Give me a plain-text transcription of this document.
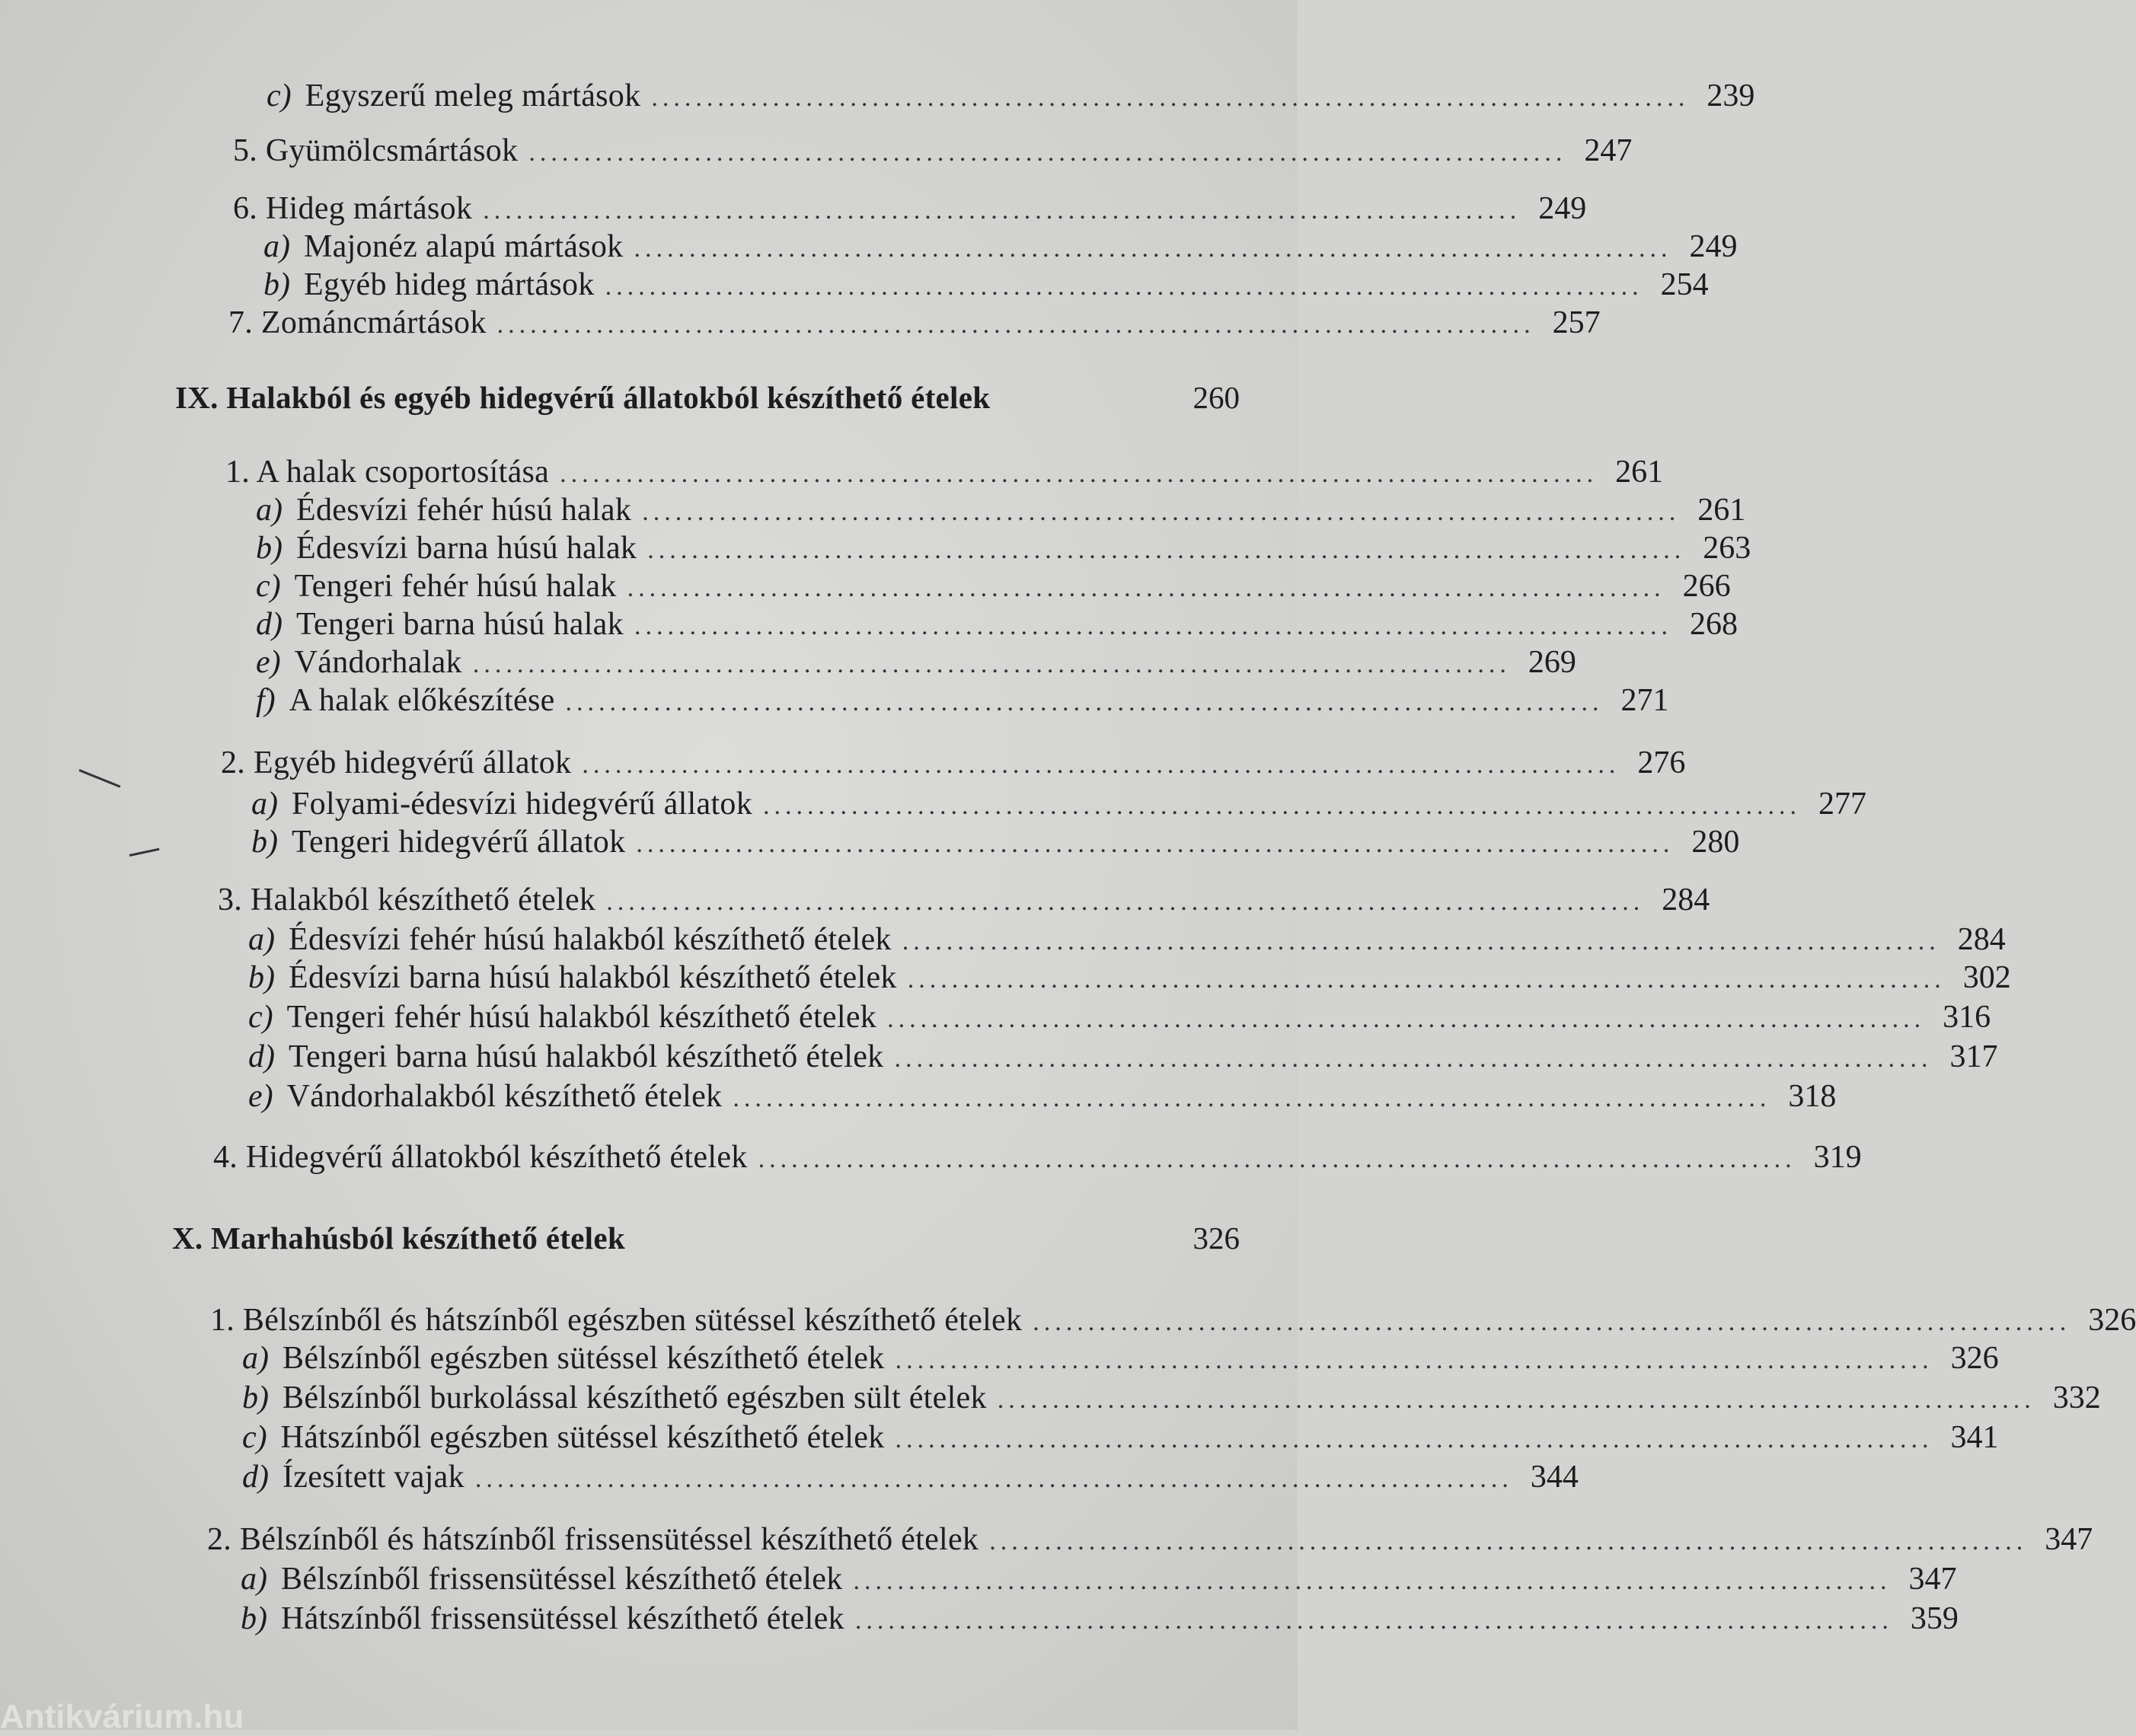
c) Egyszerű meleg mártások .............................................................................................. 239
5. Gyümölcsmártások .............................................................................................. 247
6. Hideg mártások .............................................................................................. 249
a) Majonéz alapú mártások .............................................................................................. 249
b) Egyéb hideg mártások .............................................................................................. 254
7. Zománcmártások .............................................................................................. 257
IX. Halakból és egyéb hidegvérű állatokból készíthető ételek	260
1. A halak csoportosítása .............................................................................................. 261
a) Édesvízi fehér húsú halak .............................................................................................. 261
b) Édesvízi barna húsú halak .............................................................................................. 263
c) Tengeri fehér húsú halak .............................................................................................. 266
d) Tengeri barna húsú halak .............................................................................................. 268
e) Vándorhalak .............................................................................................. 269
f) A halak előkészítése .............................................................................................. 271
2. Egyéb hidegvérű állatok .............................................................................................. 276
a) Folyami-édesvízi hidegvérű állatok .............................................................................................. 277
b) Tengeri hidegvérű állatok .............................................................................................. 280
3. Halakból készíthető ételek .............................................................................................. 284
a) Édesvízi fehér húsú halakból készíthető ételek .............................................................................................. 284
b) Édesvízi barna húsú halakból készíthető ételek .............................................................................................. 302
c) Tengeri fehér húsú halakból készíthető ételek .............................................................................................. 316
d) Tengeri barna húsú halakból készíthető ételek .............................................................................................. 317
e) Vándorhalakból készíthető ételek .............................................................................................. 318
4. Hidegvérű állatokból készíthető ételek .............................................................................................. 319
X. Marhahúsból készíthető ételek	326
1. Bélszínből és hátszínből egészben sütéssel készíthető ételek .............................................................................................. 326
a) Bélszínből egészben sütéssel készíthető ételek .............................................................................................. 326
b) Bélszínből burkolással készíthető egészben sült ételek .............................................................................................. 332
c) Hátszínből egészben sütéssel készíthető ételek .............................................................................................. 341
d) Ízesített vajak .............................................................................................. 344
2. Bélszínből és hátszínből frissensütéssel készíthető ételek .............................................................................................. 347
a) Bélszínből frissensütéssel készíthető ételek .............................................................................................. 347
b) Hátszínből frissensütéssel készíthető ételek .............................................................................................. 359
Antikvárium.hu
